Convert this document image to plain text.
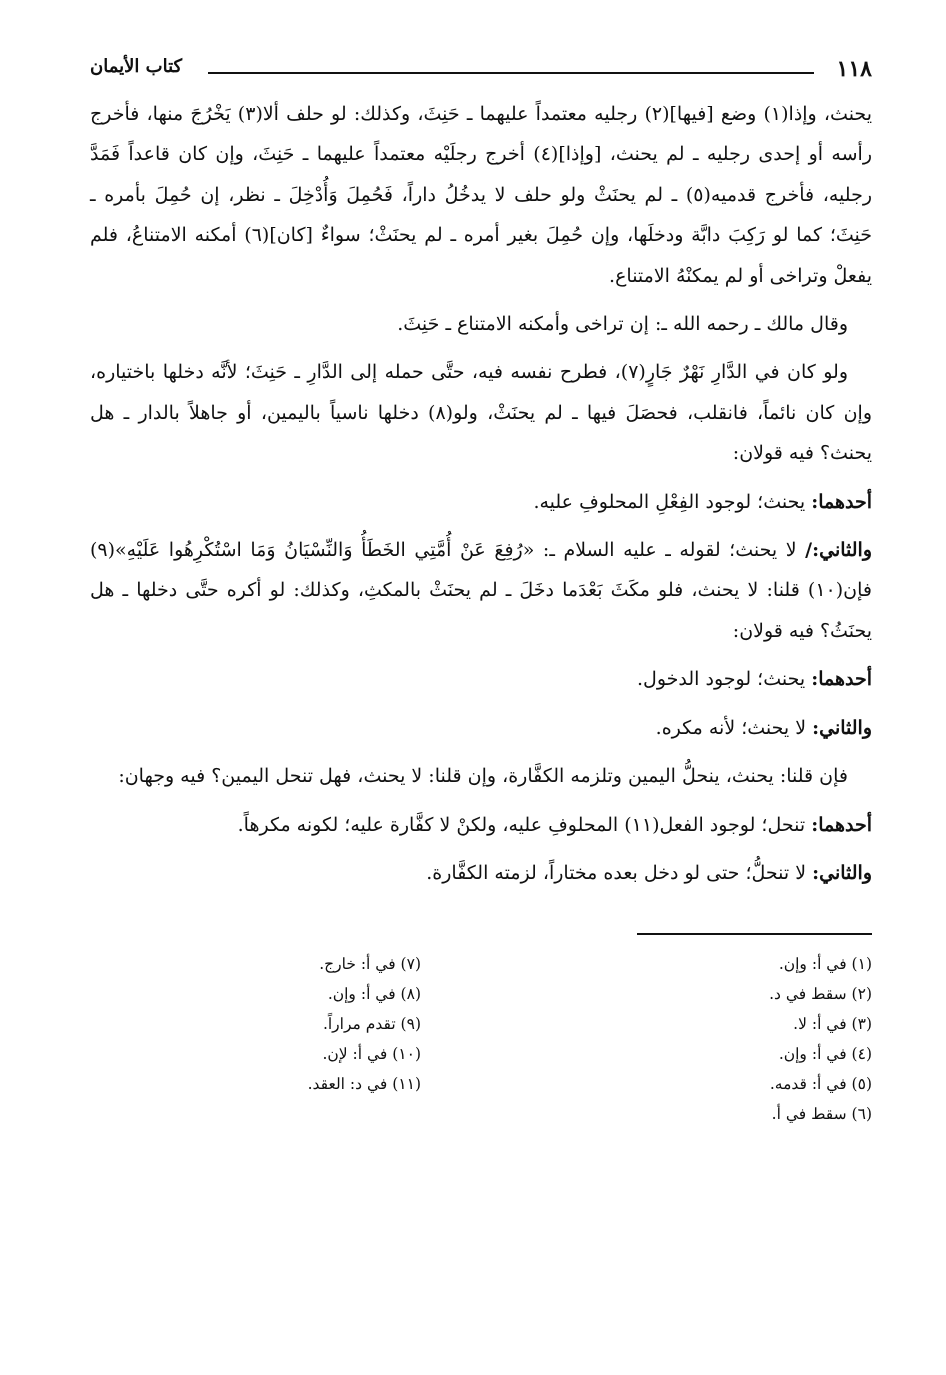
١١٨
كتاب الأيمان

يحنث، وإذا(١) وضع [فيها](٢) رجليه معتمداً عليهما ـ حَنِثَ، وكذلك: لو حلف ألا(٣) يَخْرُجَ منها، فأخرج رأسه أو إحدى رجليه ـ لم يحنث، [وإذا](٤) أخرج رجلَيْه معتمداً عليهما ـ حَنِثَ، وإن كان قاعداً فَمَدَّ رجليه، فأخرج قدميه(٥) ـ لم يحنَثْ ولو حلف لا يدخُلُ داراً، فَحُمِلَ وَأُدْخِلَ ـ نظر، إن حُمِلَ بأمره ـ حَنِثَ؛ كما لو رَكِبَ دابَّة ودخلَها، وإن حُمِلَ بغير أمره ـ لم يحنَثْ؛ سواءٌ [كان](٦) أمكنه الامتناعُ، فلم يفعلْ وتراخى أو لم يمكنْهُ الامتناع.

وقال مالك ـ رحمه الله ـ: إن تراخى وأمكنه الامتناع ـ حَنِثَ.

ولو كان في الدَّارِ نَهْرٌ جَارٍ(٧)، فطرح نفسه فيه، حتَّى حمله إلى الدَّارِ ـ حَنِثَ؛ لأنَّه دخلها باختياره، وإن كان نائماً، فانقلب، فحصَلَ فيها ـ لم يحنَثْ، ولو(٨) دخلها ناسياً باليمين، أو جاهلاً بالدار ـ هل يحنث؟ فيه قولان:

أحدهما: يحنث؛ لوجود الفِعْلِ المحلوفِ عليه.

والثاني:/ لا يحنث؛ لقوله ـ عليه السلام ـ: «رُفِعَ عَنْ أُمَّتِي الخَطَأُ وَالنِّسْيَانُ وَمَا اسْتُكْرِهُوا عَلَيْهِ»(٩) فإن(١٠) قلنا: لا يحنث، فلو مكَثَ بَعْدَما دخَلَ ـ لم يحنَثْ بالمكثِ، وكذلك: لو أكره حتَّى دخلها ـ هل يحنَثُ؟ فيه قولان:

أحدهما: يحنث؛ لوجود الدخول.

والثاني: لا يحنث؛ لأنه مكره.

فإن قلنا: يحنث، ينحلُّ اليمين وتلزمه الكفَّارة، وإن قلنا: لا يحنث، فهل تنحل اليمين؟ فيه وجهان:

أحدهما: تنحل؛ لوجود الفعل(١١) المحلوفِ عليه، ولكنْ لا كفَّارة عليه؛ لكونه مكرهاً.

والثاني: لا تنحلُّ؛ حتى لو دخل بعده مختاراً، لزمته الكفَّارة.

(١) في أ: وإن.
(٢) سقط في د.
(٣) في أ: لا.
(٤) في أ: وإن.
(٥) في أ: قدمه.
(٦) سقط في أ.
(٧) في أ: خارج.
(٨) في أ: وإن.
(٩) تقدم مراراً.
(١٠) في أ: لإن.
(١١) في د: العقد.
